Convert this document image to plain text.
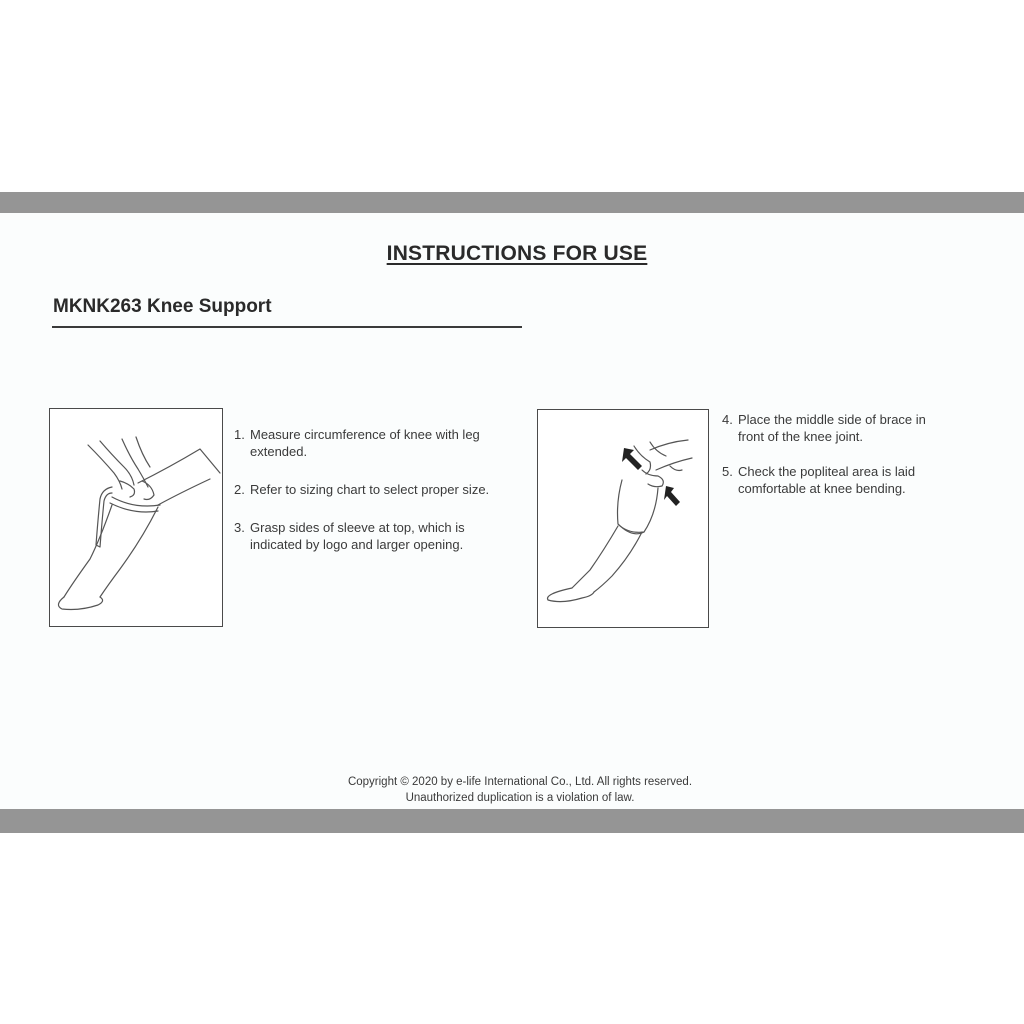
INSTRUCTIONS FOR USE
MKNK263 Knee Support
1. Measure circumference of knee with leg extended.
2. Refer to sizing chart to select proper size.
3. Grasp sides of sleeve at top, which is indicated by logo and larger opening.
4. Place the middle side of brace in front of the knee joint.
5. Check the popliteal area is laid comfortable at knee bending.
Copyright © 2020 by e-life International Co., Ltd. All rights reserved.
Unauthorized duplication is a violation of law.
